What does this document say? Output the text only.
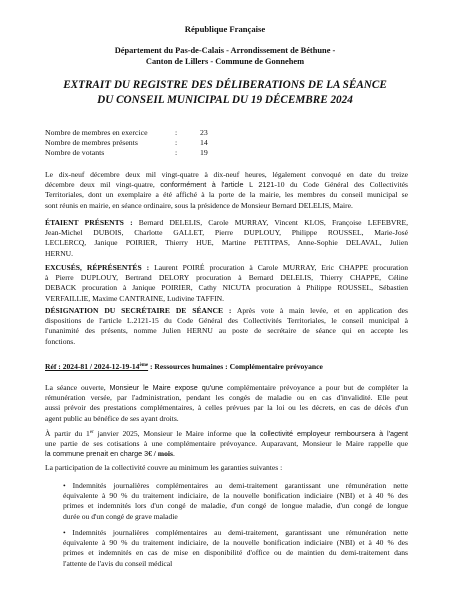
République Française
Département du Pas-de-Calais - Arrondissement de Béthune -
Canton de Lillers - Commune de Gonnehem
EXTRAIT DU REGISTRE DES DÉLIBERATIONS DE LA SÉANCE
DU CONSEIL MUNICIPAL DU 19 DÉCEMBRE 2024
Nombre de membres en exercice	:	23
Nombre de membres présents	:	14
Nombre de votants	:	19
Le dix-neuf décembre deux mil vingt-quatre à dix-neuf heures, légalement convoqué en date du treize
décembre deux mil vingt-quatre, conformément à l'article L 2121-10 du Code Général des Collectivités
Territoriales, dont un exemplaire a été affiché à la porte de la mairie, les membres du conseil municipal se
sont réunis en mairie, en séance ordinaire, sous la présidence de Monsieur Bernard DELELIS, Maire.
ÉTAIENT PRÉSENTS : Bernard DELELIS, Carole MURRAY, Vincent KLOS, Françoise LEFEBVRE,
Jean-Michel DUBOIS, Charlotte GALLET, Pierre DUPLOUY, Philippe ROUSSEL, Marie-José
LECLERCQ, Janique POIRIER, Thierry HUE, Martine PETITPAS, Anne-Sophie DELAVAL, Julien
HERNU.
EXCUSÉS, RÉPRÉSENTÉS : Laurent POIRÉ procuration à Carole MURRAY, Eric CHAPPE procuration
à Pierre DUPLOUY, Bertrand DELORY procuration à Bernard DELELIS, Thierry CHAPPE, Céline
DEBACK procuration à Janique POIRIER, Cathy NICUTA procuration à Philippe ROUSSEL, Sébastien
VERFAILLIE, Maxime CANTRAINE, Ludivine TAFFIN.
DÉSIGNATION DU SECRÉTAIRE DE SÉANCE : Après vote à main levée, et en application des
dispositions de l'article L.2121-15 du Code Général des Collectivités Territoriales, le conseil municipal à
l'unanimité des présents, nomme Julien HERNU au poste de secrétaire de séance qui en accepte les
fonctions.
Réf : 2024-81 / 2024-12-19-14ème : Ressources humaines : Complémentaire prévoyance
La séance ouverte, Monsieur le Maire expose qu'une complémentaire prévoyance a pour but de compléter la
rémunération versée, par l'administration, pendant les congés de maladie ou en cas d'invalidité. Elle peut
aussi prévoir des prestations complémentaires, à celles prévues par la loi ou les décrets, en cas de décès d'un
agent public au bénéfice de ses ayant droits.
À partir du 1er janvier 2025, Monsieur le Maire informe que la collectivité employeur remboursera à l'agent
une partie de ses cotisations à une complémentaire prévoyance. Auparavant, Monsieur le Maire rappelle que
la commune prenait en charge 3€ / mois.
La participation de la collectivité couvre au minimum les garanties suivantes :
• Indemnités journalières complémentaires au demi-traitement garantissant une rémunération nette
équivalente à 90 % du traitement indiciaire, de la nouvelle bonification indiciaire (NBI) et à 40 % des
primes et indemnités lors d'un congé de maladie, d'un congé de longue maladie, d'un congé de longue
durée ou d'un congé de grave maladie
• Indemnités journalières complémentaires au demi-traitement, garantissant une rémunération nette
équivalente à 90 % du traitement indiciaire, de la nouvelle bonification indiciaire (NBI) et à 40 % des
primes et indemnités en cas de mise en disponibilité d'office ou de maintien du demi-traitement dans
l'attente de l'avis du conseil médical
